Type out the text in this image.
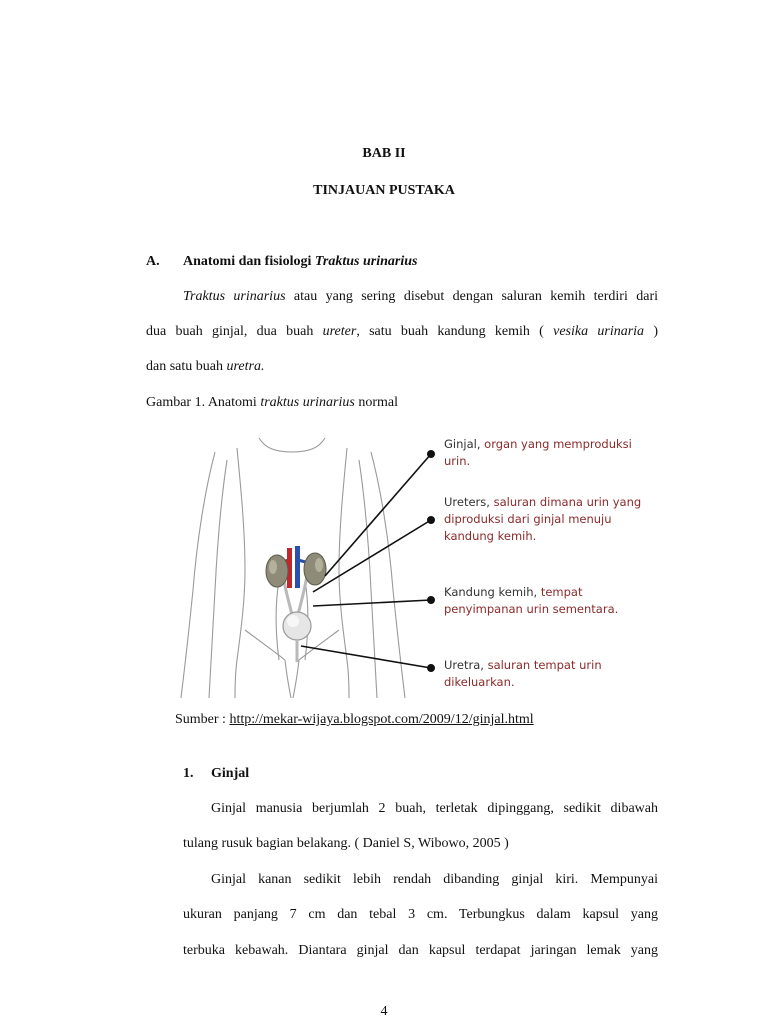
BAB II
TINJAUAN PUSTAKA
A. Anatomi dan fisiologi Traktus urinarius
Traktus urinarius atau yang sering disebut dengan saluran kemih terdiri dari
dua buah ginjal, dua buah ureter, satu buah kandung kemih ( vesika urinaria )
dan satu buah uretra.
Gambar 1. Anatomi traktus urinarius normal
Ginjal, organ yang memproduksi
urin.
Ureters, saluran dimana urin yang
diproduksi dari ginjal menuju
kandung kemih.
Kandung kemih, tempat
penyimpanan urin sementara.
Uretra, saluran tempat urin
dikeluarkan.
Sumber : http://mekar-wijaya.blogspot.com/2009/12/ginjal.html
1. Ginjal
Ginjal manusia berjumlah 2 buah, terletak dipinggang, sedikit dibawah
tulang rusuk bagian belakang. ( Daniel S, Wibowo, 2005 )
Ginjal kanan sedikit lebih rendah dibanding ginjal kiri. Mempunyai
ukuran panjang 7 cm dan tebal 3 cm. Terbungkus dalam kapsul yang
terbuka kebawah. Diantara ginjal dan kapsul terdapat jaringan lemak yang
4
